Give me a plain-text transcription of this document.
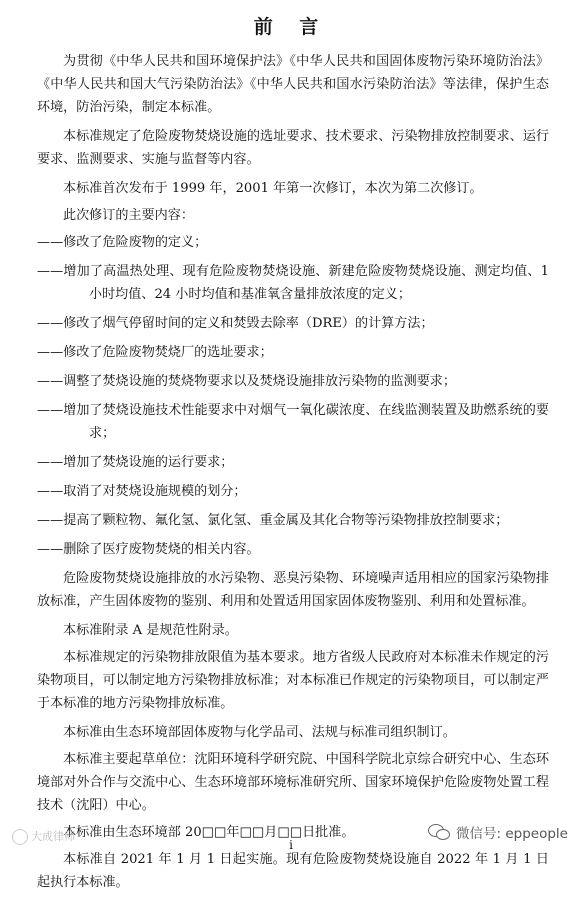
前 言

为贯彻《中华人民共和国环境保护法》《中华人民共和国固体废物污染环境防治法》《中华人民共和国大气污染防治法》《中华人民共和国水污染防治法》等法律，保护生态环境，防治污染，制定本标准。

本标准规定了危险废物焚烧设施的选址要求、技术要求、污染物排放控制要求、运行要求、监测要求、实施与监督等内容。

本标准首次发布于 1999 年，2001 年第一次修订，本次为第二次修订。

此次修订的主要内容：

——修改了危险废物的定义；
——增加了高温热处理、现有危险废物焚烧设施、新建危险废物焚烧设施、测定均值、1 小时均值、24 小时均值和基准氧含量排放浓度的定义；
——修改了烟气停留时间的定义和焚毁去除率（DRE）的计算方法；
——修改了危险废物焚烧厂的选址要求；
——调整了焚烧设施的焚烧物要求以及焚烧设施排放污染物的监测要求；
——增加了焚烧设施技术性能要求中对烟气一氧化碳浓度、在线监测装置及助燃系统的要求；
——增加了焚烧设施的运行要求；
——取消了对焚烧设施规模的划分；
——提高了颗粒物、氟化氢、氯化氢、重金属及其化合物等污染物排放控制要求；
——删除了医疗废物焚烧的相关内容。

危险废物焚烧设施排放的水污染物、恶臭污染物、环境噪声适用相应的国家污染物排放标准，产生固体废物的鉴别、利用和处置适用国家固体废物鉴别、利用和处置标准。

本标准附录 A 是规范性附录。

本标准规定的污染物排放限值为基本要求。地方省级人民政府对本标准未作规定的污染物项目，可以制定地方污染物排放标准；对本标准已作规定的污染物项目，可以制定严于本标准的地方污染物排放标准。

本标准由生态环境部固体废物与化学品司、法规与标准司组织制订。

本标准主要起草单位：沈阳环境科学研究院、中国科学院北京综合研究中心、生态环境部对外合作与交流中心、生态环境部环境标准研究所、国家环境保护危险废物处置工程技术（沈阳）中心。

本标准由生态环境部 20□□年□□月□□日批准。

本标准自 2021 年 1 月 1 日起实施。现有危险废物焚烧设施自 2022 年 1 月 1 日起执行本标准。

大成律师
i
微信号: eppeople
